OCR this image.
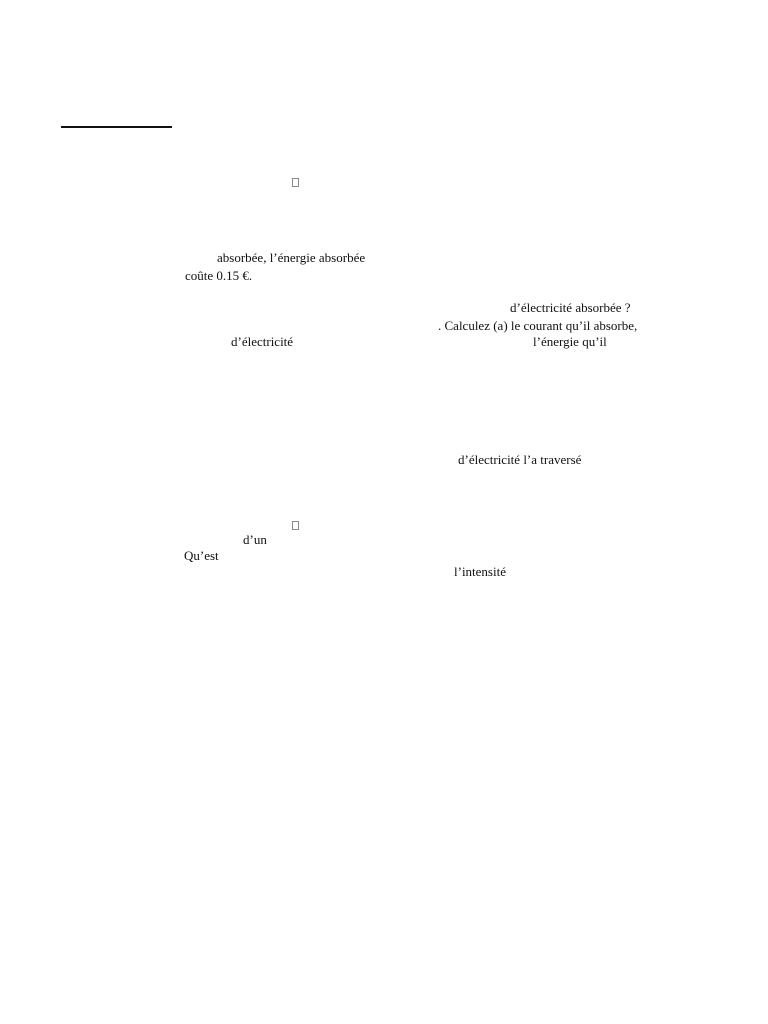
absorbée, l’énergie absorbée
coûte 0.15 €.
d’électricité absorbée ?
. Calculez (a) le courant qu’il absorbe,
d’électricité	l’énergie qu’il
d’électricité l’a traversé
d’un
Qu’est
l’intensité
